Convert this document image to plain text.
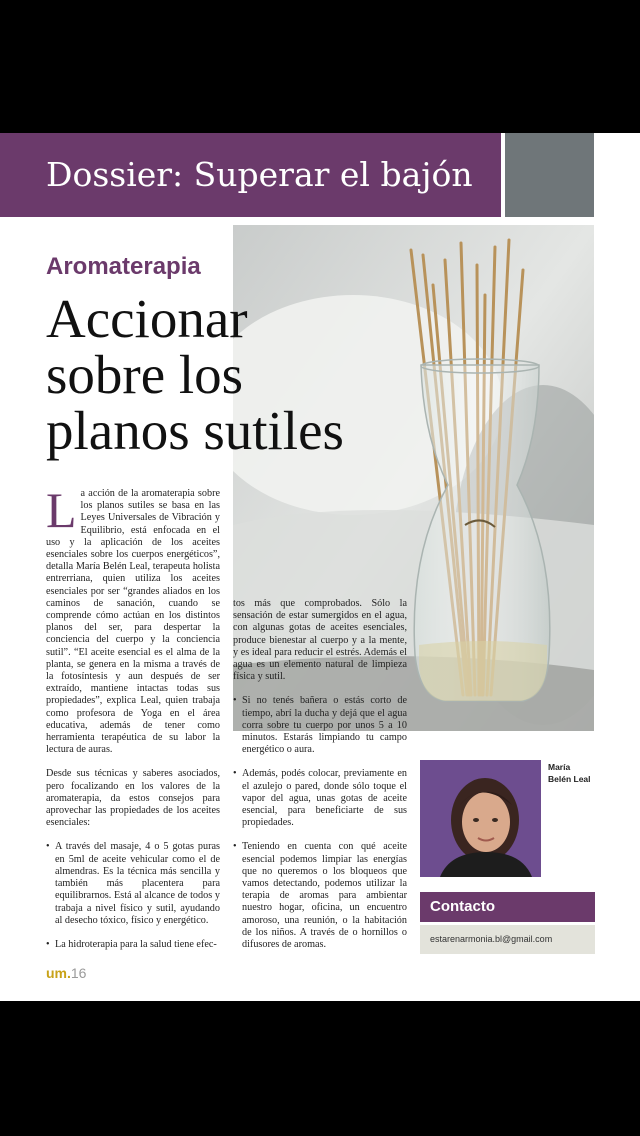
Dossier: Superar el bajón
Aromaterapia
Accionar
sobre los
planos sutiles

La acción de la aromaterapia sobre los planos sutiles se basa en las Leyes Universales de Vibración y Equilibrio, está enfocada en el uso y la aplicación de los aceites esenciales sobre los cuerpos energéticos”, detalla María Belén Leal, terapeuta holista entrerriana, quien utiliza los aceites esenciales por ser “grandes aliados en los caminos de sanación, cuando se comprende cómo actúan en los distintos planos del ser, para despertar la conciencia del cuerpo y la conciencia sutil”. “El aceite esencial es el alma de la planta, se genera en la misma a través de la fotosíntesis y aun después de ser extraído, mantiene intactas todas sus propiedades”, explica Leal, quien trabaja como profesora de Yoga en el área educativa, además de tener como herramienta terapéutica de su labor la lectura de auras.

Desde sus técnicas y saberes asociados, pero focalizando en los valores de la aromaterapia, da estos consejos para aprovechar las propiedades de los aceites esenciales:

• A través del masaje, 4 o 5 gotas puras en 5ml de aceite vehicular como el de almendras. Es la técnica más sencilla y también más placentera para equilibrarnos. Está al alcance de todos y trabaja a nivel físico y sutil, ayudando al desecho tóxico, físico y energético.
• La hidroterapia para la salud tiene efec-
tos más que comprobados. Sólo la sensación de estar sumergidos en el agua, con algunas gotas de aceites esenciales, produce bienestar al cuerpo y a la mente, y es ideal para reducir el estrés. Además el agua es un elemento natural de limpieza física y sutil.
• Si no tenés bañera o estás corto de tiempo, abrí la ducha y dejá que el agua corra sobre tu cuerpo por unos 5 a 10 minutos. Estarás limpiando tu campo energético o aura.
• Además, podés colocar, previamente en el azulejo o pared, donde sólo toque el vapor del agua, unas gotas de aceite esencial, para beneficiarte de sus propiedades.
• Teniendo en cuenta con qué aceite esencial podemos limpiar las energías que no queremos o los bloqueos que vamos detectando, podemos utilizar la terapia de aromas para ambientar nuestro hogar, oficina, un encuentro amoroso, una reunión, o la habitación de los niños. A través de o hornillos o difusores de aromas.
María
Belén Leal
Contacto
estarenarmonia.bl@gmail.com
um.16
